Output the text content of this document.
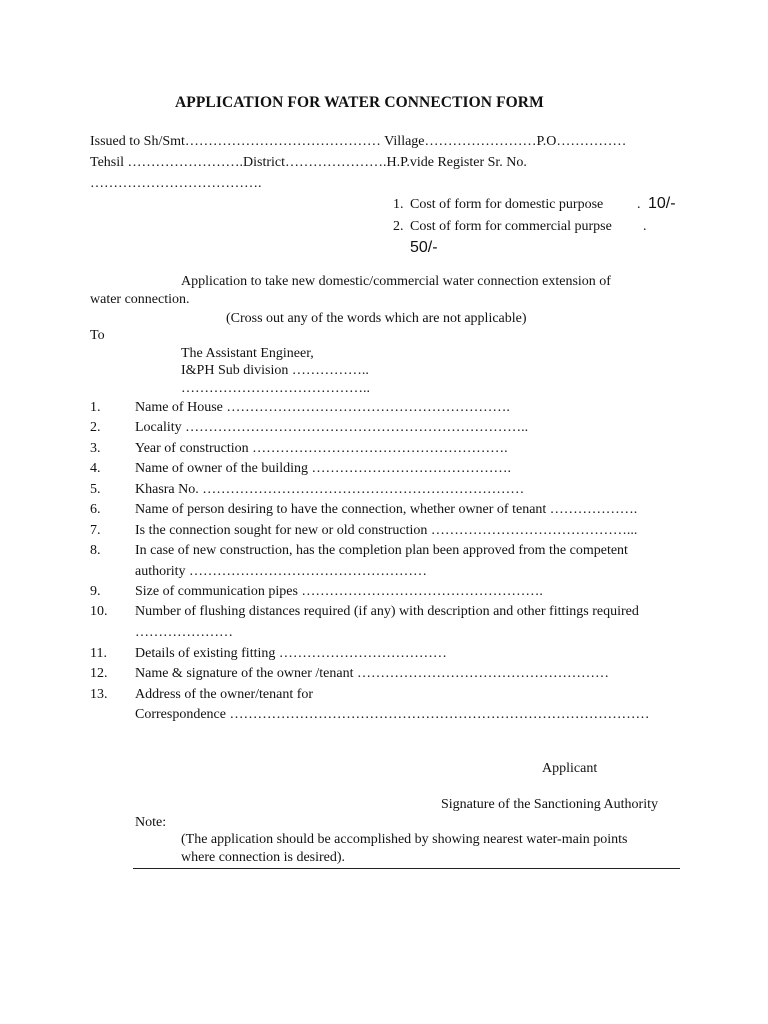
APPLICATION FOR WATER CONNECTION FORM
Issued to Sh/Smt…………………………………… Village……………………P.O……………
Tehsil …………………….District………………….H.P.vide Register Sr. No.
……………………………….
1. Cost of form for domestic purpose . 10/-
2. Cost of form for commercial purpse .
50/-
Application to take new domestic/commercial water connection extension of
water connection.
(Cross out any of the words which are not applicable)
To
The Assistant Engineer,
I&PH Sub division ……………..
…………………………………..
1.	Name of House …………………………………………………….
2.	Locality ………………………………………………………………..
3.	Year of construction ……………………………………………….
4.	Name of owner of the building …………………………………….
5.	Khasra No. ……………………………………………………………
6.	Name of person desiring to have the connection, whether owner of tenant ……………….
7.	Is the connection sought for new or old construction ……………………………………...
8.	In case of new construction, has the completion plan been approved from the competent
authority ……………………………………………
9.	Size of communication pipes …………………………………………….
10.	Number of flushing distances required (if any) with description and other fittings required
…………………
11.	Details of existing fitting ………………………………
12.	Name & signature of the owner /tenant ………………………………………………
13.	Address of the owner/tenant for
Correspondence ………………………………………………………………………………
Applicant
Signature of the Sanctioning Authority
Note:
(The application should be accomplished by showing nearest water-main points
where connection is desired).
